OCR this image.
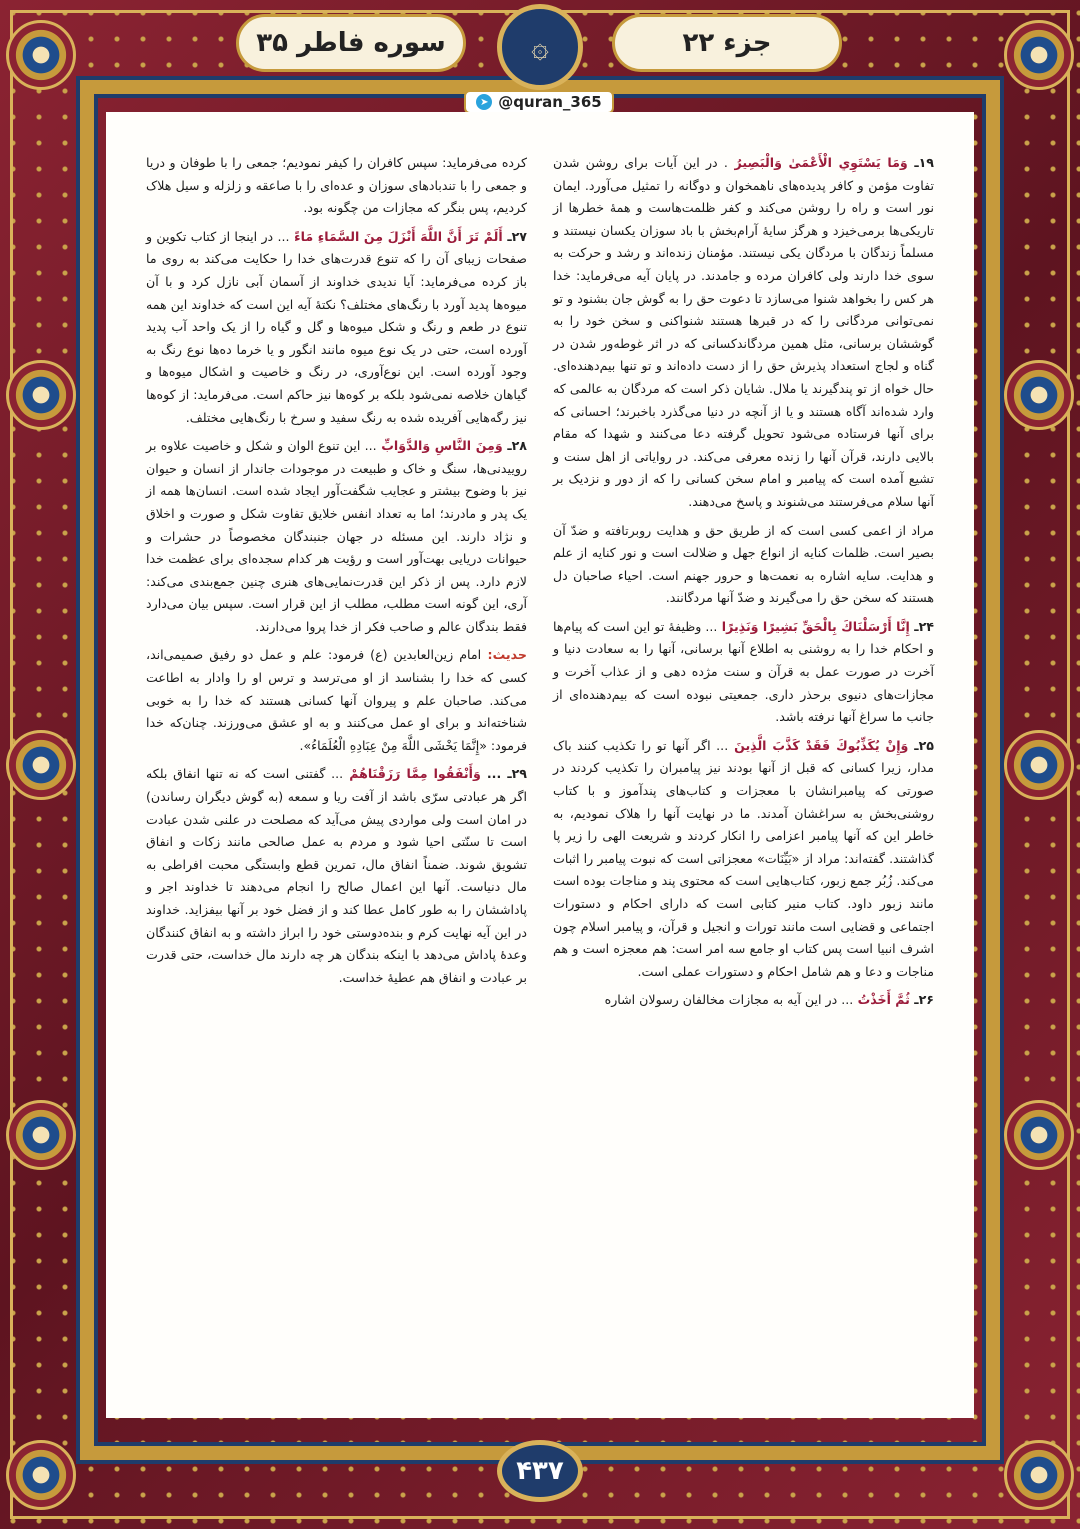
سوره فاطر ۳۵	۞	جزء ۲۲
➤ @quran_365

۱۹ـ وَمَا يَسْتَوِي الْأَعْمَىٰ وَالْبَصِيرُ . در این آیات برای روشن شدن تفاوت مؤمن و کافر پدیده‌های ناهمخوان و دوگانه را تمثیل می‌آورد. ایمان نور است و راه را روشن می‌کند و کفر ظلمت‌هاست و همهٔ خطرها از تاریکی‌ها برمی‌خیزد و هرگز سایهٔ آرام‌بخش با باد سوزان یکسان نیستند و مسلماً زندگان با مردگان یکی نیستند. مؤمنان زنده‌اند و رشد و حرکت به سوی خدا دارند ولی کافران مرده و جامدند. در پایان آیه می‌فرماید: خدا هر کس را بخواهد شنوا می‌سازد تا دعوت حق را به گوش جان بشنود و تو نمی‌توانی مردگانی را که در قبرها هستند شنواکنی و سخن خود را به گوششان برسانی، مثل همین مردگاندکسانی که در اثر غوطه‌ور شدن در گناه و لجاج استعداد پذیرش حق را از دست داده‌اند و تو تنها بیم‌دهنده‌ای. حال خواه از تو پندگیرند یا ملال. شایان ذکر است که مردگان به عالمی که وارد شده‌اند آگاه هستند و یا از آنچه در دنیا می‌گذرد باخبرند؛ احسانی که برای آنها فرستاده می‌شود تحویل گرفته دعا می‌کنند و شهدا که مقام بالایی دارند، قرآن آنها را زنده معرفی می‌کند. در روایاتی از اهل سنت و تشیع آمده است که پیامبر و امام سخن کسانی را که از دور و نزدیک بر آنها سلام می‌فرستند می‌شنوند و پاسخ می‌دهند.

مراد از اعمی کسی است که از طریق حق و هدایت روبرتافته و ضدّ آن بصیر است. ظلمات کنایه از انواع جهل و ضلالت است و نور کنایه از علم و هدایت. سایه اشاره به نعمت‌ها و حرور جهنم است. احیاء صاحبان دل هستند که سخن حق را می‌گیرند و ضدّ آنها مردگانند.

۲۴ـ إِنَّا أَرْسَلْنَاكَ بِالْحَقِّ بَشِيرًا وَنَذِيرًا ... وظیفهٔ تو این است که پیام‌ها و احکام خدا را به روشنی به اطلاع آنها برسانی، آنها را به سعادت دنیا و آخرت در صورت عمل به قرآن و سنت مژده دهی و از عذاب آخرت و مجازات‌های دنیوی برحذر داری. جمعیتی نبوده است که بیم‌دهنده‌ای از جانب ما سراغ آنها نرفته باشد.

۲۵ـ وَإِنْ يُكَذِّبُوكَ فَقَدْ كَذَّبَ الَّذِينَ ... اگر آنها تو را تکذیب کنند باک مدار، زیرا کسانی که قبل از آنها بودند نیز پیامبران را تکذیب کردند در صورتی که پیامبرانشان با معجزات و کتاب‌های پندآموز و با کتاب روشنی‌بخش به سراغشان آمدند. ما در نهایت آنها را هلاک نمودیم، به خاطر این که آنها پیامبر اعزامی را انکار کردند و شریعت الهی را زیر پا گذاشتند. گفته‌اند: مراد از «بَيِّنَات» معجزاتی است که نبوت پیامبر را اثبات می‌کند. زُبُر جمع زبور، کتاب‌هایی است که محتوی پند و مناجات بوده است مانند زبور داود. کتاب منیر کتابی است که دارای احکام و دستورات اجتماعی و قضایی است مانند تورات و انجیل و قرآن، و پیامبر اسلام چون اشرف انبیا است پس کتاب او جامع سه امر است: هم معجزه است و هم مناجات و دعا و هم شامل احکام و دستورات عملی است.

۲۶ـ ثُمَّ أَخَذْتُ ... در این آیه به مجازات مخالفان رسولان اشاره

کرده می‌فرماید: سپس کافران را کیفر نمودیم؛ جمعی را با طوفان و دریا و جمعی را با تندبادهای سوزان و عده‌ای را با صاعقه و زلزله و سیل هلاک کردیم، پس بنگر که مجازات من چگونه بود.

۲۷ـ أَلَمْ تَرَ أَنَّ اللَّهَ أَنْزَلَ مِنَ السَّمَاءِ مَاءً ... در اینجا از کتاب تکوین و صفحات زیبای آن را که تنوع قدرت‌های خدا را حکایت می‌کند به روی ما باز کرده می‌فرماید: آیا ندیدی خداوند از آسمان آبی نازل کرد و با آن میوه‌ها پدید آورد با رنگ‌های مختلف؟ نکتهٔ آیه این است که خداوند این همه تنوع در طعم و رنگ و شکل میوه‌ها و گل و گیاه را از یک واحد آب پدید آورده است، حتی در یک نوع میوه مانند انگور و یا خرما ده‌ها نوع رنگ به وجود آورده است. این نوع‌آوری، در رنگ و خاصیت و اشکال میوه‌ها و گیاهان خلاصه نمی‌شود بلکه بر کوه‌ها نیز حاکم است. می‌فرماید: از کوه‌ها نیز رگه‌هایی آفریده شده به رنگ سفید و سرخ با رنگ‌هایی مختلف.

۲۸ـ وَمِنَ النَّاسِ وَالدَّوَابِّ ... این تنوع الوان و شکل و خاصیت علاوه بر روییدنی‌ها، سنگ و خاک و طبیعت در موجودات جاندار از انسان و حیوان نیز با وضوح بیشتر و عجایب شگفت‌آور ایجاد شده است. انسان‌ها همه از یک پدر و مادرند؛ اما به تعداد انفس خلایق تفاوت شکل و صورت و اخلاق و نژاد دارند. این مسئله در جهان جنبندگان مخصوصاً در حشرات و حیوانات دریایی بهت‌آور است و رؤیت هر کدام سجده‌ای برای عظمت خدا لازم دارد. پس از ذکر این قدرت‌نمایی‌های هنری چنین جمع‌بندی می‌کند: آری، این گونه است مطلب، مطلب از این قرار است. سپس بیان می‌دارد فقط بندگان عالم و صاحب فکر از خدا پروا می‌دارند.

حدیث: امام زین‌العابدین (ع) فرمود: علم و عمل دو رفیق صمیمی‌اند، کسی که خدا را بشناسد از او می‌ترسد و ترس او را وادار به اطاعت می‌کند. صاحبان علم و پیروان آنها کسانی هستند که خدا را به خوبی شناخته‌اند و برای او عمل می‌کنند و به او عشق می‌ورزند. چنان‌که خدا فرمود: «إِنَّمَا يَخْشَى اللَّهَ مِنْ عِبَادِهِ الْعُلَمَاءُ».

۲۹ـ ... وَأَنْفَقُوا مِمَّا رَزَقْنَاهُمْ ... گفتنی است که نه تنها انفاق بلکه اگر هر عبادتی سرّی باشد از آفت ریا و سمعه (به گوش دیگران رساندن) در امان است ولی مواردی پیش می‌آید که مصلحت در علنی شدن عبادت است تا سنّتی احیا شود و مردم به عمل صالحی مانند زکات و انفاق تشویق شوند. ضمناً انفاق مال، تمرین قطع وابستگی محبت افراطی به مال دنیاست. آنها این اعمال صالح را انجام می‌دهند تا خداوند اجر و پاداششان را به طور کامل عطا کند و از فضل خود بر آنها بیفزاید. خداوند در این آیه نهایت کرم و بنده‌دوستی خود را ابراز داشته و به انفاق کنندگان وعدهٔ پاداش می‌دهد با اینکه بندگان هر چه دارند مال خداست، حتی قدرت بر عبادت و انفاق هم عطیهٔ خداست.

۴۳۷
